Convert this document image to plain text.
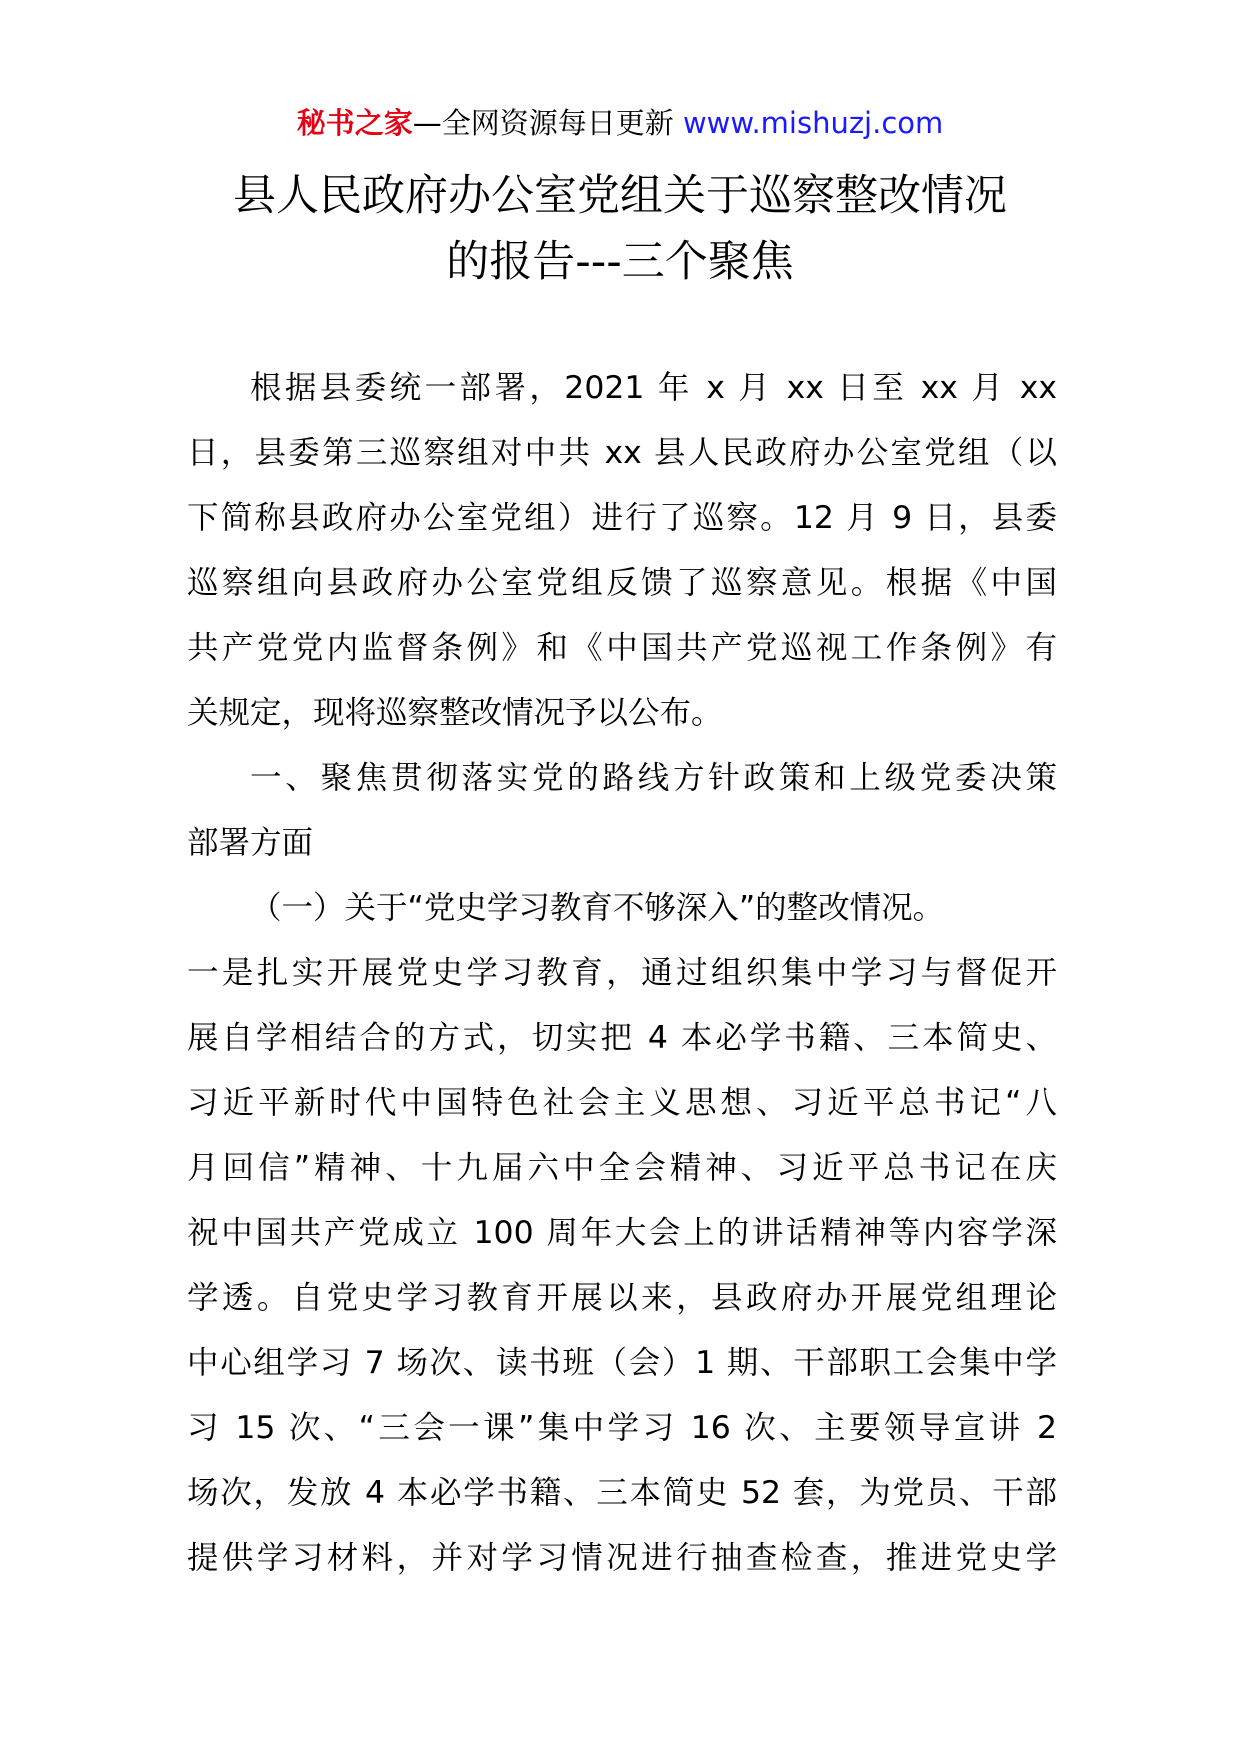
秘书之家—全网资源每日更新 www.mishuzj.com
县人民政府办公室党组关于巡察整改情况
的报告---三个聚焦
根据县委统一部署，2021 年 x 月 xx 日至 xx 月 xx
日，县委第三巡察组对中共 xx 县人民政府办公室党组（以
下简称县政府办公室党组）进行了巡察。12 月 9 日，县委
巡察组向县政府办公室党组反馈了巡察意见。根据《中国
共产党党内监督条例》和《中国共产党巡视工作条例》有
关规定，现将巡察整改情况予以公布。
一、聚焦贯彻落实党的路线方针政策和上级党委决策
部署方面
（一）关于“党史学习教育不够深入”的整改情况。
一是扎实开展党史学习教育，通过组织集中学习与督促开
展自学相结合的方式，切实把 4 本必学书籍、三本简史、
习近平新时代中国特色社会主义思想、习近平总书记“八
月回信”精神、十九届六中全会精神、习近平总书记在庆
祝中国共产党成立 100 周年大会上的讲话精神等内容学深
学透。自党史学习教育开展以来，县政府办开展党组理论
中心组学习 7 场次、读书班（会）1 期、干部职工会集中学
习 15 次、“三会一课”集中学习 16 次、主要领导宣讲 2
场次，发放 4 本必学书籍、三本简史 52 套，为党员、干部
提供学习材料，并对学习情况进行抽查检查，推进党史学
